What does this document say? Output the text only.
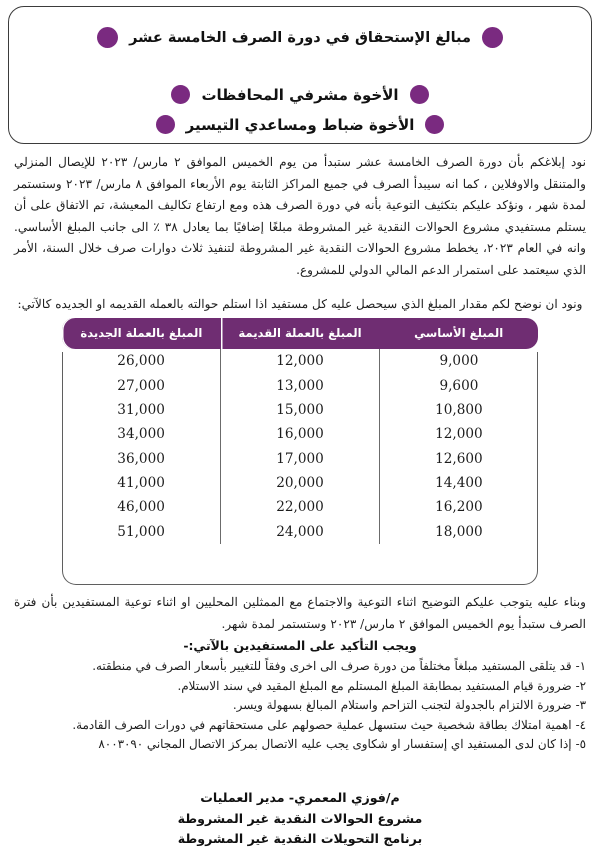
مبالغ الإستحقاق في دورة الصرف الخامسة عشر
الأخوة مشرفي المحافظات
الأخوة ضباط ومساعدي التيسير

نود إبلاغكم بأن دورة الصرف الخامسة عشر ستبدأ من يوم الخميس الموافق ٢ مارس/ ٢٠٢٣ للإيصال المنزلي والمتنقل والاوفلاين ، كما انه سيبدأ الصرف في جميع المراكز الثابتة يوم الأربعاء الموافق ٨ مارس/ ٢٠٢٣ وستستمر لمدة شهر ، ونؤكد عليكم بتكثيف التوعية بأنه في دورة الصرف هذه ومع ارتفاع تكاليف المعيشة، تم الاتفاق على أن يستلم مستفيدي مشروع الحوالات النقدية غير المشروطة مبلغًا إضافيًا بما يعادل ٣٨ ٪ الى جانب المبلغ الأساسي. وانه في العام ٢٠٢٣، يخطط مشروع الحوالات النقدية غير المشروطة لتنفيذ ثلاث دوارات صرف خلال السنة، الأمر الذي سيعتمد على استمرار الدعم المالي الدولي للمشروع.

ونود ان نوضح لكم مقدار المبلغ الذي سيحصل عليه كل مستفيد اذا استلم حوالته بالعمله القديمه او الجديده كالآتي:
المبلغ الأساسي	المبلغ بالعملة القديمة	المبلغ بالعملة الجديدة
9,000	12,000	26,000
9,600	13,000	27,000
10,800	15,000	31,000
12,000	16,000	34,000
12,600	17,000	36,000
14,400	20,000	41,000
16,200	22,000	46,000
18,000	24,000	51,000

وبناء عليه يتوجب عليكم التوضيح اثناء التوعية والاجتماع مع الممثلين المحليين او اثناء توعية المستفيدين بأن فترة الصرف ستبدأ يوم الخميس الموافق ٢ مارس/ ٢٠٢٣ وستستمر لمدة شهر.

ويجب التأكيد على المستفيدين بالآتي:-
١-قد يتلقى المستفيد مبلغاً مختلفاً من دورة صرف الى اخرى وفقاً للتغيير بأسعار الصرف في منطقته.
٢-ضرورة قيام المستفيد بمطابقة المبلغ المستلم مع المبلغ المقيد في سند الاستلام.
٣-ضرورة الالتزام بالجدولة لتجنب التزاحم واستلام المبالغ بسهولة ويسر.
٤-اهمية امتلاك بطاقة شخصية حيث ستسهل عملية حصولهم على مستحقاتهم في دورات الصرف القادمة.
٥-إذا كان لدى المستفيد اي إستفسار او شكاوى يجب عليه الاتصال بمركز الاتصال المجاني ٨٠٠٣٠٩٠
م/فوزي المعمري- مدير العمليات
مشروع الحوالات النقدية غير المشروطة
برنامج التحويلات النقدية غير المشروطة
